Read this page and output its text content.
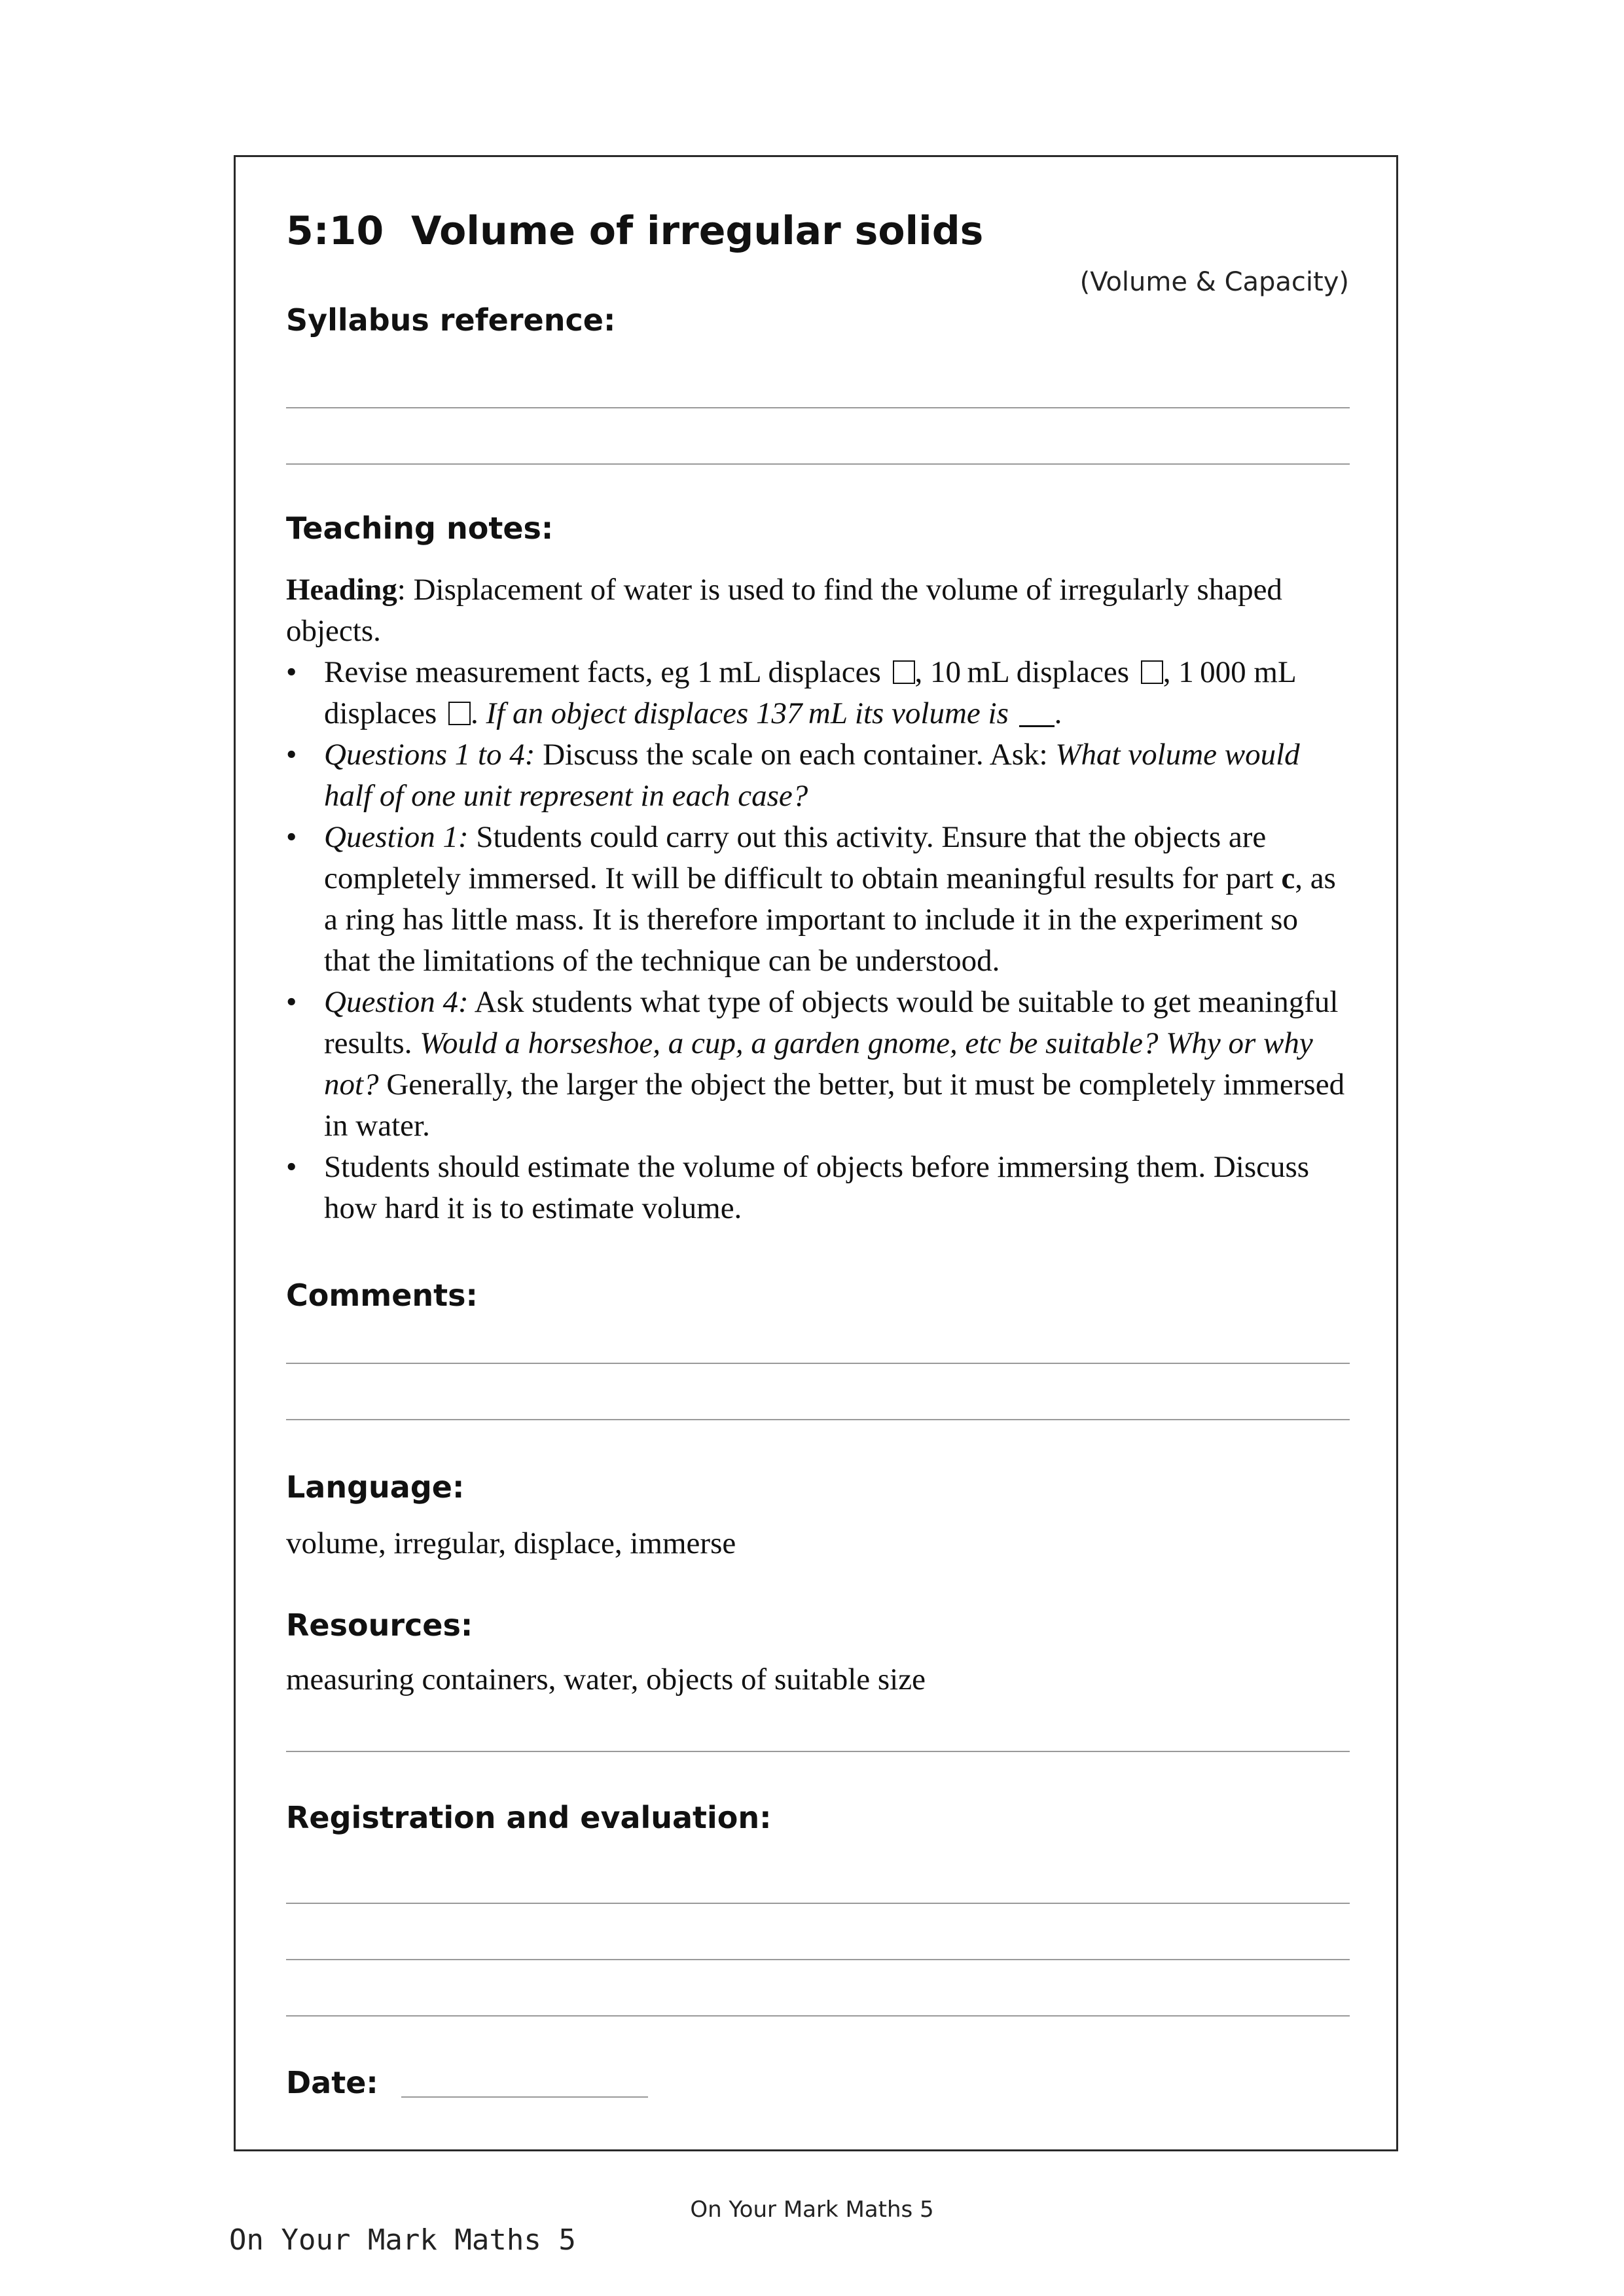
5:10  Volume of irregular solids

(Volume & Capacity)

Syllabus reference:
Teaching notes:

Heading: Displacement of water is used to find the volume of irregularly shaped objects.

• Revise measurement facts, eg 1 mL displaces , 10 mL displaces , 1 000 mL displaces . If an object displaces 137 mL its volume is .
• Questions 1 to 4: Discuss the scale on each container. Ask: What volume would half of one unit represent in each case?
• Question 1: Students could carry out this activity. Ensure that the objects are completely immersed. It will be difficult to obtain meaningful results for part c, as a ring has little mass. It is therefore important to include it in the experiment so that the limitations of the technique can be understood.
• Question 4: Ask students what type of objects would be suitable to get meaningful results. Would a horseshoe, a cup, a garden gnome, etc be suitable? Why or why not? Generally, the larger the object the better, but it must be completely immersed in water.
• Students should estimate the volume of objects before immersing them. Discuss how hard it is to estimate volume.
Comments:
Language:

volume, irregular, displace, immerse

Resources:

measuring containers, water, objects of suitable size

Registration and evaluation:
Date:

On Your Mark Maths 5

On Your Mark Maths 5
